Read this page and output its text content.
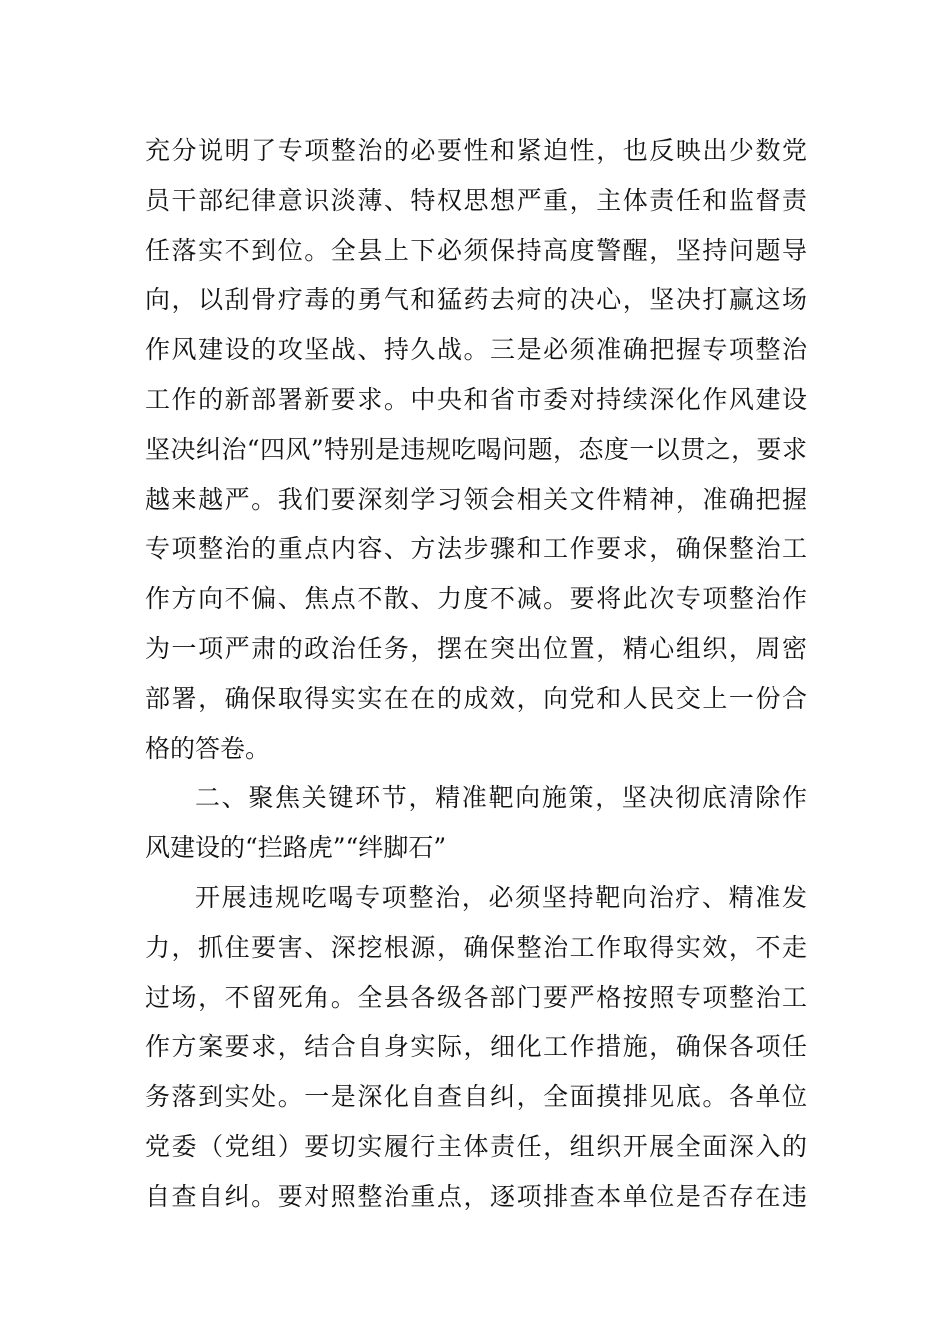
充分说明了专项整治的必要性和紧迫性，也反映出少数党
员干部纪律意识淡薄、特权思想严重，主体责任和监督责
任落实不到位。全县上下必须保持高度警醒，坚持问题导
向，以刮骨疗毒的勇气和猛药去疴的决心，坚决打赢这场
作风建设的攻坚战、持久战。三是必须准确把握专项整治
工作的新部署新要求。中央和省市委对持续深化作风建设
坚决纠治“四风”特别是违规吃喝问题，态度一以贯之，要求
越来越严。我们要深刻学习领会相关文件精神，准确把握
专项整治的重点内容、方法步骤和工作要求，确保整治工
作方向不偏、焦点不散、力度不减。要将此次专项整治作
为一项严肃的政治任务，摆在突出位置，精心组织，周密
部署，确保取得实实在在的成效，向党和人民交上一份合
格的答卷。
二、聚焦关键环节，精准靶向施策，坚决彻底清除作
风建设的“拦路虎”“绊脚石”
开展违规吃喝专项整治，必须坚持靶向治疗、精准发
力，抓住要害、深挖根源，确保整治工作取得实效，不走
过场，不留死角。全县各级各部门要严格按照专项整治工
作方案要求，结合自身实际，细化工作措施，确保各项任
务落到实处。一是深化自查自纠，全面摸排见底。各单位
党委（党组）要切实履行主体责任，组织开展全面深入的
自查自纠。要对照整治重点，逐项排查本单位是否存在违
